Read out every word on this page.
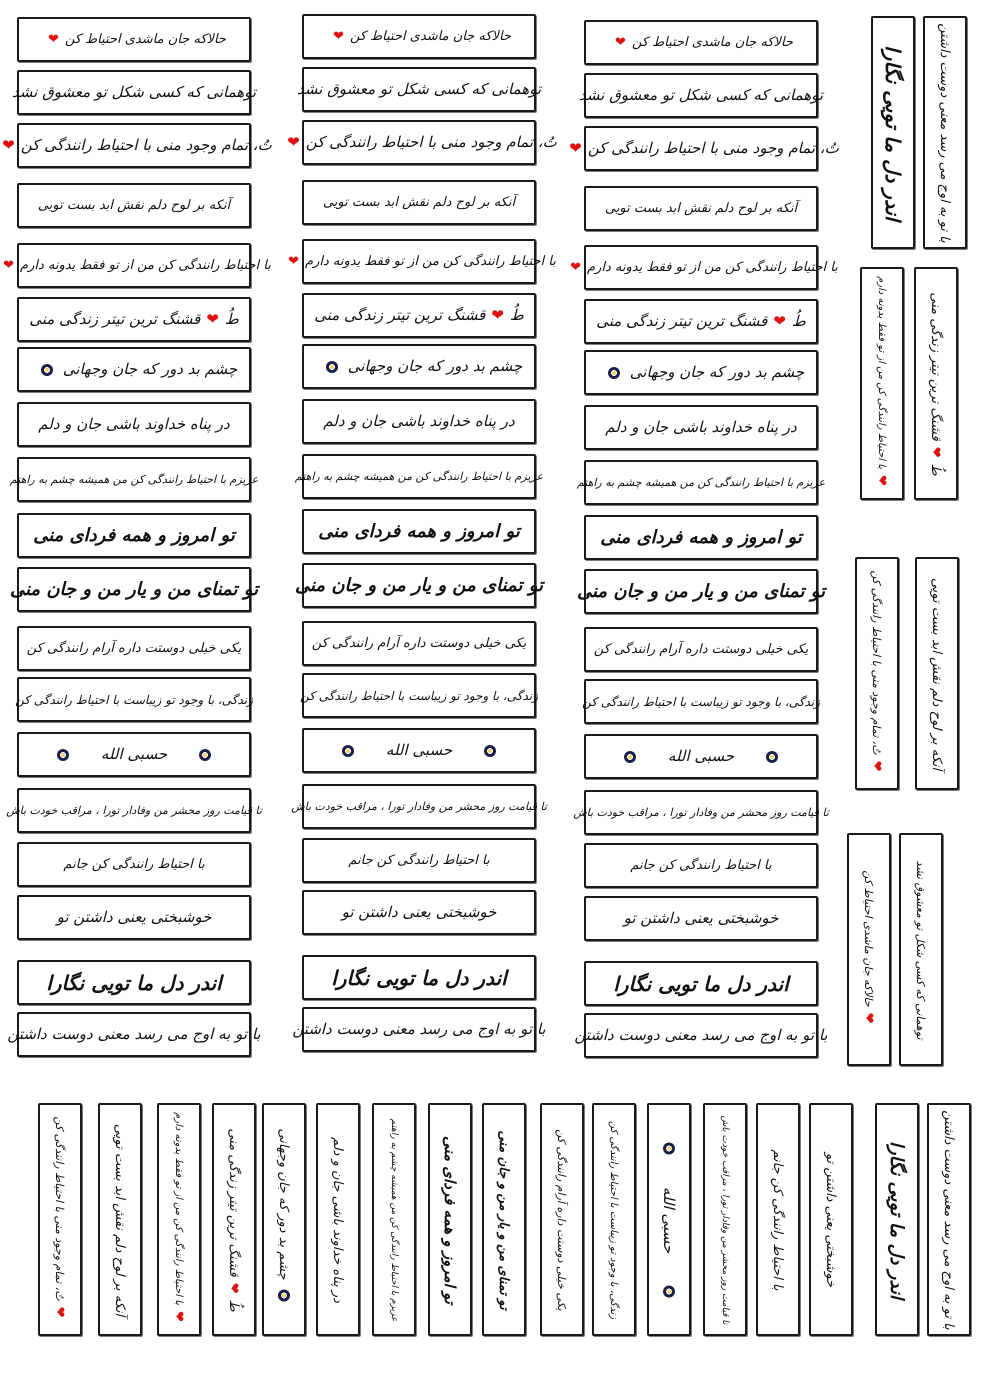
حالاکه جان ماشدی احتیاط کن
❤
توهمانی که کسی شکل تو معشوق نشد
تُ، تمام وجود منی با احتیاط رانندگی کن
❤
آنکه بر لوح دلم نقش ابد بست تویی
با احتیاط رانندگی کن من از تو فقط یدونه دارم
❤
طُ
❤
قشنگ ترین تیتر زندگی منی
چشم بد دور که جان وجهانی
در پناه خداوند باشی جان و دلم
عزیزم با احتیاط رانندگی کن من همیشه چشم به راهتم
تو امروز و همه فردای منی
تو تمنای من و یار من و جان منی
یکی خیلی دوستت داره آرام رانندگی کن
زندگی، با وجود تو زیباست با احتیاط رانندگی کن
حسبی الله
تا قیامت روز محشر من وفادار تورا ، مراقب خودت باش
با احتیاط رانندگی کن جانم
خوشبختی یعنی داشتن تو
اندر دل ما تویی نگارا
با تو به اوج می رسد معنی دوست داشتن
حالاکه جان ماشدی احتیاط کن
❤
توهمانی که کسی شکل تو معشوق نشد
تُ، تمام وجود منی با احتیاط رانندگی کن
❤
آنکه بر لوح دلم نقش ابد بست تویی
با احتیاط رانندگی کن من از تو فقط یدونه دارم
❤
طُ
❤
قشنگ ترین تیتر زندگی منی
چشم بد دور که جان وجهانی
در پناه خداوند باشی جان و دلم
عزیزم با احتیاط رانندگی کن من همیشه چشم به راهتم
تو امروز و همه فردای منی
تو تمنای من و یار من و جان منی
یکی خیلی دوستت داره آرام رانندگی کن
زندگی، با وجود تو زیباست با احتیاط رانندگی کن
حسبی الله
تا قیامت روز محشر من وفادار تورا ، مراقب خودت باش
با احتیاط رانندگی کن جانم
خوشبختی یعنی داشتن تو
اندر دل ما تویی نگارا
با تو به اوج می رسد معنی دوست داشتن
حالاکه جان ماشدی احتیاط کن
❤
توهمانی که کسی شکل تو معشوق نشد
تُ، تمام وجود منی با احتیاط رانندگی کن
❤
آنکه بر لوح دلم نقش ابد بست تویی
با احتیاط رانندگی کن من از تو فقط یدونه دارم
❤
طُ
❤
قشنگ ترین تیتر زندگی منی
چشم بد دور که جان وجهانی
در پناه خداوند باشی جان و دلم
عزیزم با احتیاط رانندگی کن من همیشه چشم به راهتم
تو امروز و همه فردای منی
تو تمنای من و یار من و جان منی
یکی خیلی دوستت داره آرام رانندگی کن
زندگی، با وجود تو زیباست با احتیاط رانندگی کن
حسبی الله
تا قیامت روز محشر من وفادار تورا ، مراقب خودت باش
با احتیاط رانندگی کن جانم
خوشبختی یعنی داشتن تو
اندر دل ما تویی نگارا
با تو به اوج می رسد معنی دوست داشتن
اندر دل ما تویی نگارا	با تو به اوج می رسد معنی دوست داشتن
❤
با احتیاط رانندگی کن من از تو فقط یدونه دارم
طُ
❤
قشنگ ترین تیتر زندگی منی
❤
تُ، تمام وجود منی با احتیاط رانندگی کن	آنکه بر لوح دلم نقش ابد بست تویی
❤
حالاکه جان ماشدی احتیاط کن	توهمانی که کسی شکل تو معشوق نشد
❤
تُ، تمام وجود منی با احتیاط رانندگی کن	آنکه بر لوح دلم نقش ابد بست تویی
❤
با احتیاط رانندگی کن من از تو فقط یدونه دارم
طُ
❤
قشنگ ترین تیتر زندگی منی	چشم بد دور که جان وجهانی	در پناه خداوند باشی جان و دلم	عزیزم با احتیاط رانندگی کن من همیشه چشم به راهتم	تو امروز و همه فردای منی	تو تمنای من و یار من و جان منی	یکی خیلی دوستت داره آرام رانندگی کن	زندگی، با وجود تو زیباست با احتیاط رانندگی کن	حسبی الله	تا قیامت روز محشر من وفادار تورا ، مراقب خودت باش	با احتیاط رانندگی کن جانم	خوشبختی یعنی داشتن تو	اندر دل ما تویی نگارا	با تو به اوج می رسد معنی دوست داشتن
